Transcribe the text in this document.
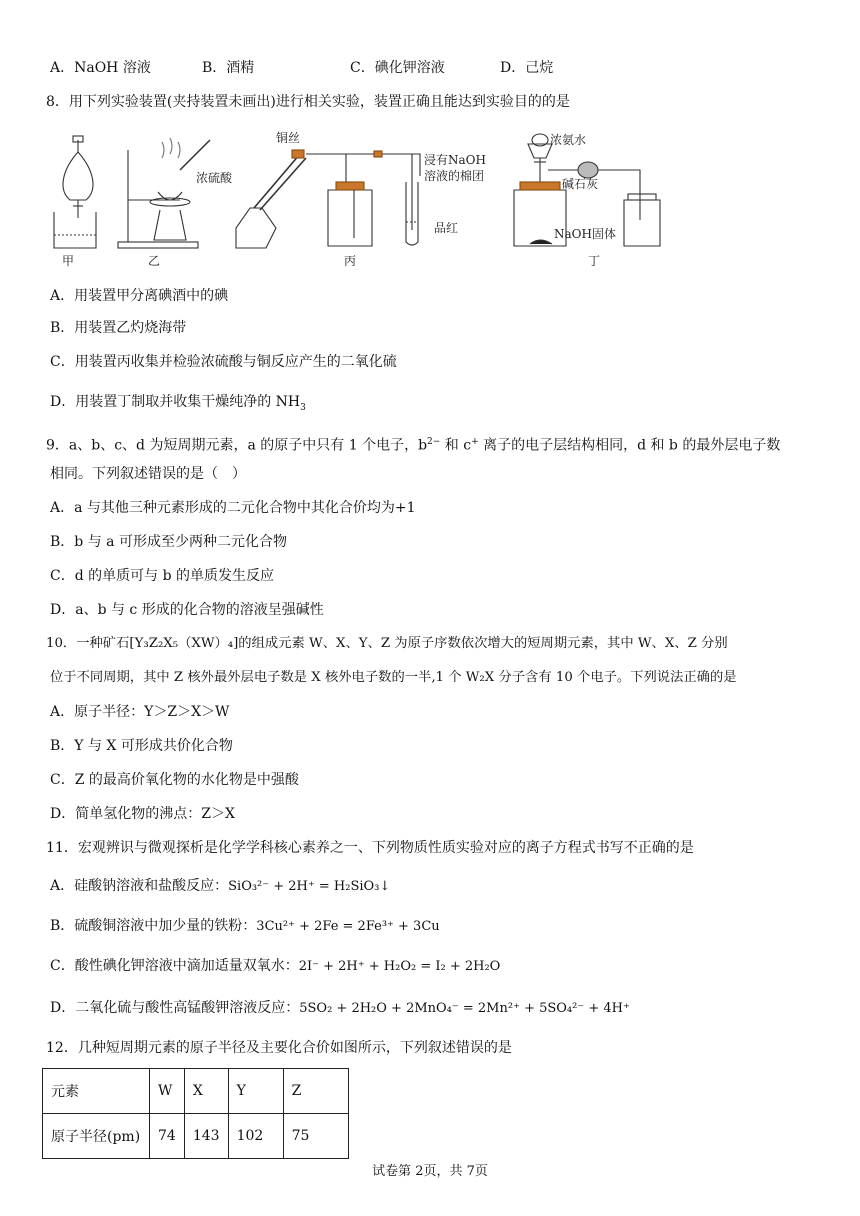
A．NaOH 溶液	B．酒精	C．碘化钾溶液	D．己烷
8．用下列实验装置(夹持装置未画出)进行相关实验，装置正确且能达到实验目的的是
甲	乙	丙	丁
铜丝
浓硫酸
浸有NaOH
溶液的棉团
品红
浓氨水
碱石灰
NaOH固体
A．用装置甲分离碘酒中的碘
B．用装置乙灼烧海带
C．用装置丙收集并检验浓硫酸与铜反应产生的二氧化硫
D．用装置丁制取并收集干燥纯净的 $NH_3$
9．a、b、c、d 为短周期元素，a 的原子中只有 1 个电子，$b^{2-}$ 和 c+ 离子的电子层结构相同，d 和 b 的最外层电子数
相同。下列叙述错误的是（　）
A．a 与其他三种元素形成的二元化合物中其化合价均为+1
B．b 与 a 可形成至少两种二元化合物
C．d 的单质可与 b 的单质发生反应
D．a、b 与 c 形成的化合物的溶液呈强碱性
10．一种矿石[Y₃Z₂X₅（XW）₄]的组成元素 W、X、Y、Z 为原子序数依次增大的短周期元素，其中 W、X、Z 分别
位于不同周期，其中 Z 核外最外层电子数是 X 核外电子数的一半,1 个 W₂X 分子含有 10 个电子。下列说法正确的是
A．原子半径：Y＞Z＞X＞W
B．Y 与 X 可形成共价化合物
C．Z 的最高价氧化物的水化物是中强酸
D．简单氢化物的沸点：Z＞X
11．宏观辨识与微观探析是化学学科核心素养之一、下列物质性质实验对应的离子方程式书写不正确的是
A．硅酸钠溶液和盐酸反应：SiO₃²⁻ + 2H⁺ = H₂SiO₃↓
B．硫酸铜溶液中加少量的铁粉：3Cu²⁺ + 2Fe = 2Fe³⁺ + 3Cu
C．酸性碘化钾溶液中滴加适量双氧水：2I⁻ + 2H⁺ + H₂O₂ = I₂ + 2H₂O
D．二氧化硫与酸性高锰酸钾溶液反应：5SO₂ + 2H₂O + 2MnO₄⁻ = 2Mn²⁺ + 5SO₄²⁻ + 4H⁺
12．几种短周期元素的原子半径及主要化合价如图所示，下列叙述错误的是
元素	W	X	Y	Z
原子半径(pm)	74	143	102	75
试卷第 2页，共 7页
